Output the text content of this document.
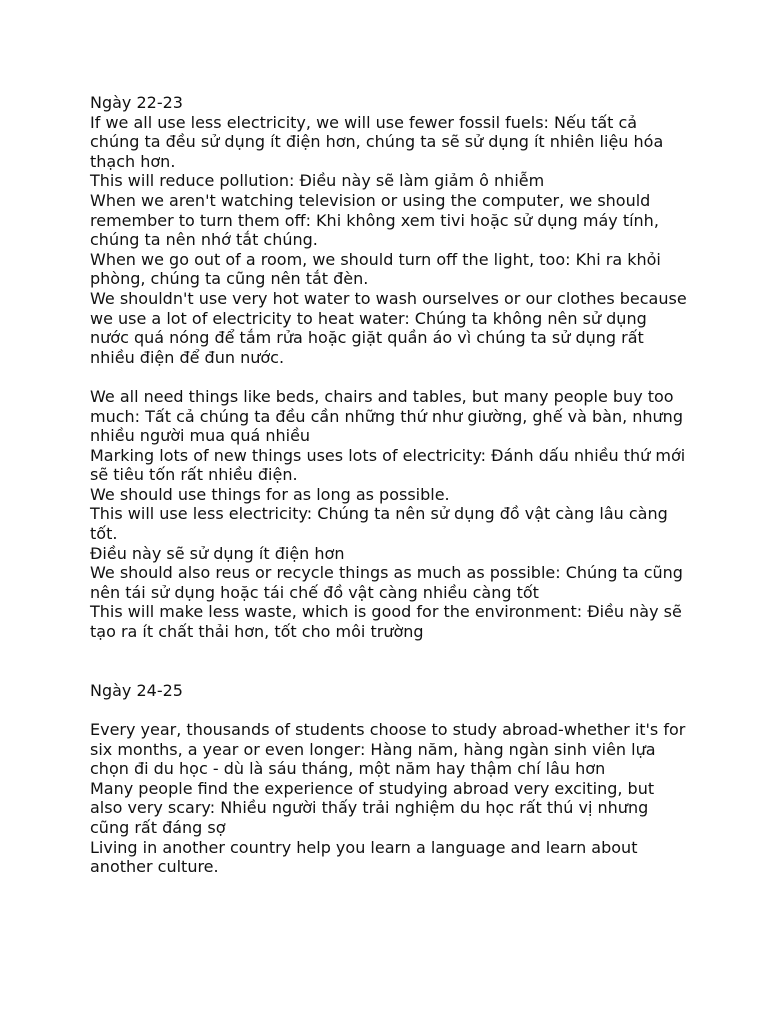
Ngày 22-23
If we all use less electricity, we will use fewer fossil fuels: Nếu tất cả chúng ta đều sử dụng ít điện hơn, chúng ta sẽ sử dụng ít nhiên liệu hóa thạch hơn.
This will reduce pollution: Điều này sẽ làm giảm ô nhiễm
When we aren't watching television or using the computer, we should remember to turn them off: Khi không xem tivi hoặc sử dụng máy tính, chúng ta nên nhớ tắt chúng.
When we go out of a room, we should turn off the light, too: Khi ra khỏi phòng, chúng ta cũng nên tắt đèn.
We shouldn't use very hot water to wash ourselves or our clothes because we use a lot of electricity to heat water: Chúng ta không nên sử dụng nước quá nóng để tắm rửa hoặc giặt quần áo vì chúng ta sử dụng rất nhiều điện để đun nước.
We all need things like beds, chairs and tables, but many people buy too much: Tất cả chúng ta đều cần những thứ như giường, ghế và bàn, nhưng nhiều người mua quá nhiều
Marking lots of new things uses lots of electricity: Đánh dấu nhiều thứ mới sẽ tiêu tốn rất nhiều điện.
We should use things for as long as possible.
This will use less electricity: Chúng ta nên sử dụng đồ vật càng lâu càng tốt.
Điều này sẽ sử dụng ít điện hơn
We should also reus or recycle things as much as possible: Chúng ta cũng nên tái sử dụng hoặc tái chế đồ vật càng nhiều càng tốt
This will make less waste, which is good for the environment: Điều này sẽ tạo ra ít chất thải hơn, tốt cho môi trường
Ngày 24-25
Every year, thousands of students choose to study abroad-whether it's for six months, a year or even longer: Hàng năm, hàng ngàn sinh viên lựa chọn đi du học - dù là sáu tháng, một năm hay thậm chí lâu hơn
Many people find the experience of studying abroad very exciting, but also very scary: Nhiều người thấy trải nghiệm du học rất thú vị nhưng cũng rất đáng sợ
Living in another country help you learn a language and learn about another culture.
